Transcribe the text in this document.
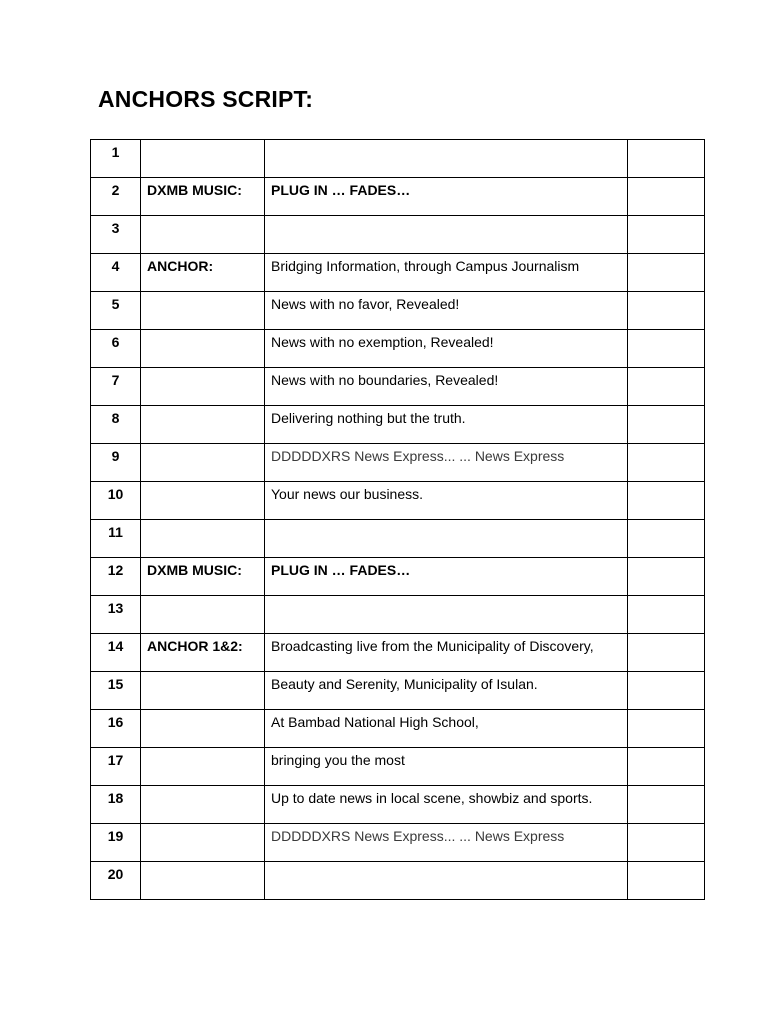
ANCHORS SCRIPT:
1			
2	DXMB MUSIC:	PLUG IN … FADES…	
3			
4	ANCHOR:	Bridging Information, through Campus Journalism	
5		News with no favor, Revealed!	
6		News with no exemption, Revealed!	
7		News with no boundaries, Revealed!	
8		Delivering nothing but the truth.	
9		DDDDDXRS News Express... ... News Express	
10		Your news our business.	
11			
12	DXMB MUSIC:	PLUG IN … FADES…	
13			
14	ANCHOR 1&2:	Broadcasting live from the Municipality of Discovery,	
15		Beauty and Serenity, Municipality of Isulan.	
16		At Bambad National High School,	
17		bringing you the most	
18		Up to date news in local scene, showbiz and sports.	
19		DDDDDXRS News Express... ... News Express	
20			
